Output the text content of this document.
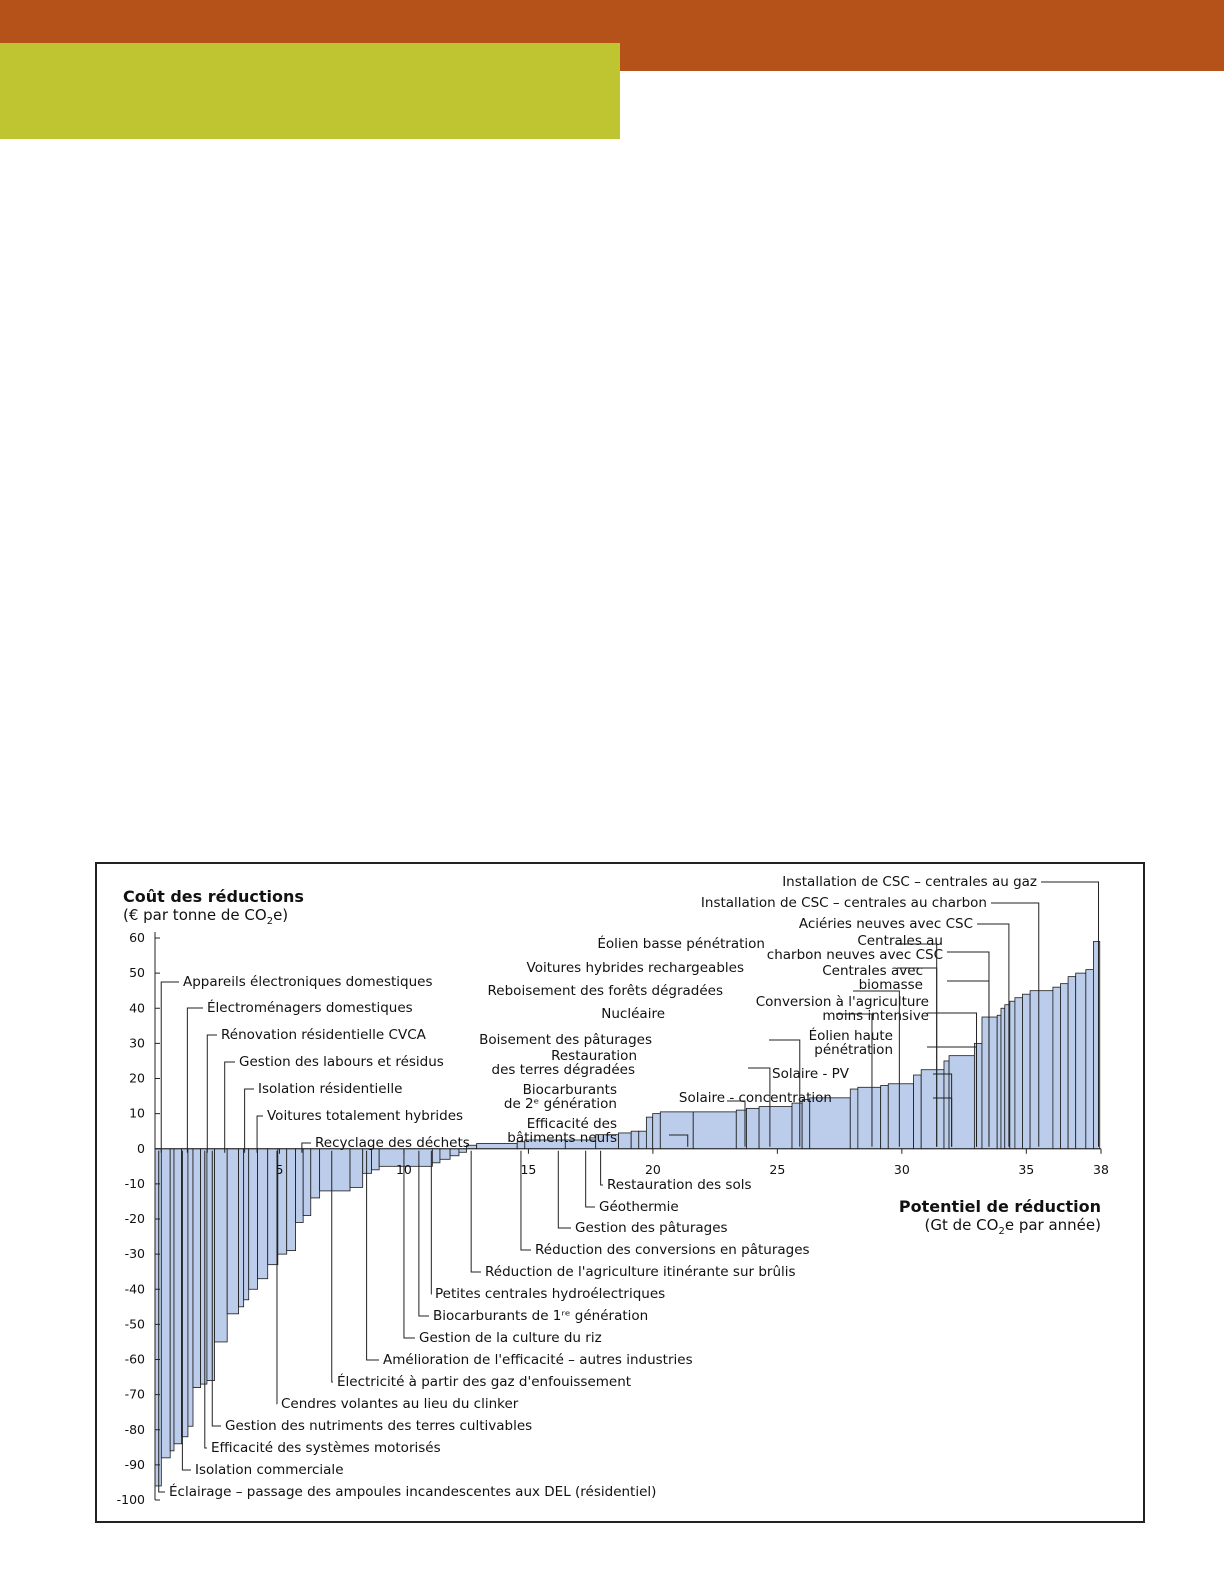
60
50
40
30
20
10
0
-10
-20
-30
-40
-50
-60
-70
-80
-90
-100
5	10	15	20	25	30	35	38
Installation de CSC – centrales au gaz
Installation de CSC – centrales au charbon
Aciéries neuves avec CSC
Centrales au
charbon neuves avec CSC
Centrales avec
biomasse
Conversion à l'agriculture
moins intensive
Éolien haute
pénétration
Solaire - PV
Solaire - concentration
Éolien basse pénétration
Voitures hybrides rechargeables
Reboisement des forêts dégradées
Nucléaire
Boisement des pâturages
Restauration
des terres dégradées
Biocarburants
de 2ᵉ génération
Efficacité des
bâtiments neufs
Appareils électroniques domestiques
Électroménagers domestiques
Rénovation résidentielle CVCA
Gestion des labours et résidus
Isolation résidentielle
Voitures totalement hybrides
Recyclage des déchets
Restauration des sols
Géothermie
Gestion des pâturages
Réduction des conversions en pâturages
Réduction de l'agriculture itinérante sur brûlis
Petites centrales hydroélectriques
Biocarburants de 1ʳᵉ génération
Gestion de la culture du riz
Amélioration de l'efficacité – autres industries
Électricité à partir des gaz d'enfouissement
Cendres volantes au lieu du clinker
Gestion des nutriments des terres cultivables
Efficacité des systèmes motorisés
Isolation commerciale
Éclairage – passage des ampoules incandescentes aux DEL (résidentiel)
Coût des réductions
(€ par tonne de $CO_2e$)
Potentiel de réduction
(Gt de $CO_2e$ par année)
